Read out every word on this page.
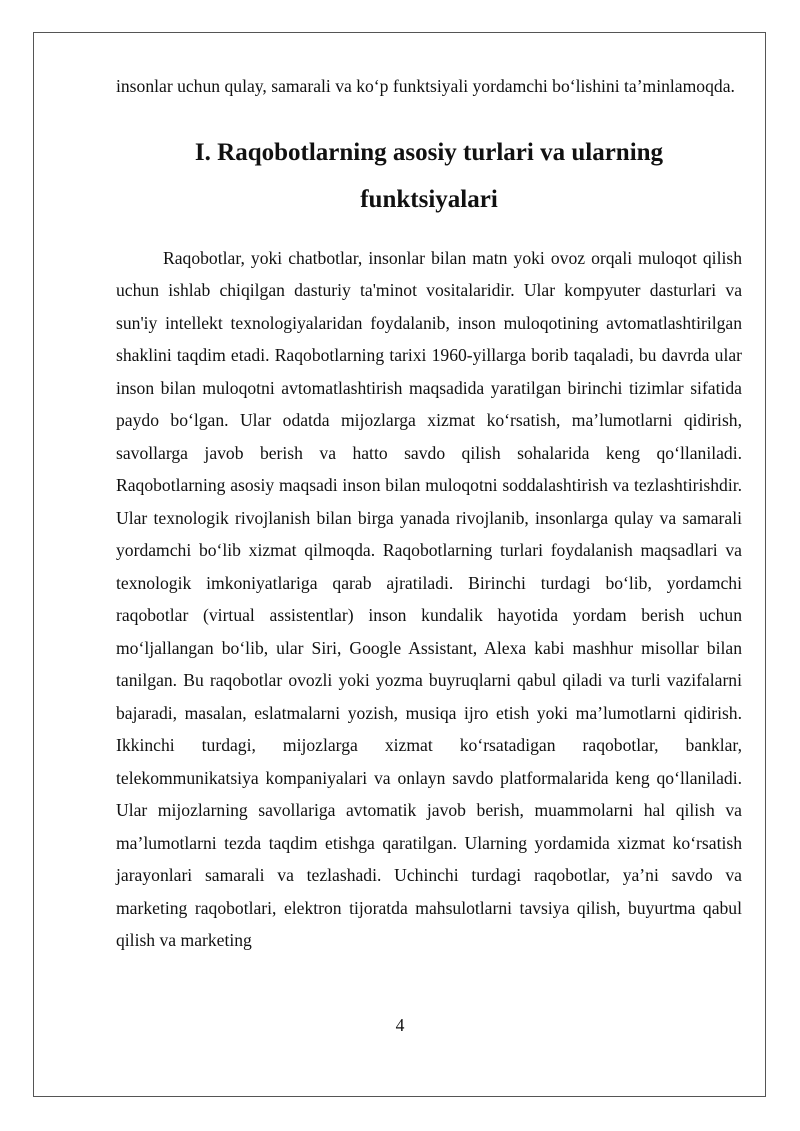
insonlar uchun qulay, samarali va ko‘p funktsiyali yordamchi bo‘lishini ta’minlamoqda.

I. Raqobotlarning asosiy turlari va ularning
funktsiyalari

Raqobotlar, yoki chatbotlar, insonlar bilan matn yoki ovoz orqali muloqot qilish uchun ishlab chiqilgan dasturiy ta'minot vositalaridir. Ular kompyuter dasturlari va sun'iy intellekt texnologiyalaridan foydalanib, inson muloqotining avtomatlashtirilgan shaklini taqdim etadi. Raqobotlarning tarixi 1960-yillarga borib taqaladi, bu davrda ular inson bilan muloqotni avtomatlashtirish maqsadida yaratilgan birinchi tizimlar sifatida paydo bo‘lgan. Ular odatda mijozlarga xizmat ko‘rsatish, ma’lumotlarni qidirish, savollarga javob berish va hatto savdo qilish sohalarida keng qo‘llaniladi. Raqobotlarning asosiy maqsadi inson bilan muloqotni soddalashtirish va tezlashtirishdir. Ular texnologik rivojlanish bilan birga yanada rivojlanib, insonlarga qulay va samarali yordamchi bo‘lib xizmat qilmoqda. Raqobotlarning turlari foydalanish maqsadlari va texnologik imkoniyatlariga qarab ajratiladi. Birinchi turdagi bo‘lib, yordamchi raqobotlar (virtual assistentlar) inson kundalik hayotida yordam berish uchun mo‘ljallangan bo‘lib, ular Siri, Google Assistant, Alexa kabi mashhur misollar bilan tanilgan. Bu raqobotlar ovozli yoki yozma buyruqlarni qabul qiladi va turli vazifalarni bajaradi, masalan, eslatmalarni yozish, musiqa ijro etish yoki ma’lumotlarni qidirish. Ikkinchi turdagi, mijozlarga xizmat ko‘rsatadigan raqobotlar, banklar, telekommunikatsiya kompaniyalari va onlayn savdo platformalarida keng qo‘llaniladi. Ular mijozlarning savollariga avtomatik javob berish, muammolarni hal qilish va ma’lumotlarni tezda taqdim etishga qaratilgan. Ularning yordamida xizmat ko‘rsatish jarayonlari samarali va tezlashadi. Uchinchi turdagi raqobotlar, ya’ni savdo va marketing raqobotlari, elektron tijoratda mahsulotlarni tavsiya qilish, buyurtma qabul qilish va marketing

4
